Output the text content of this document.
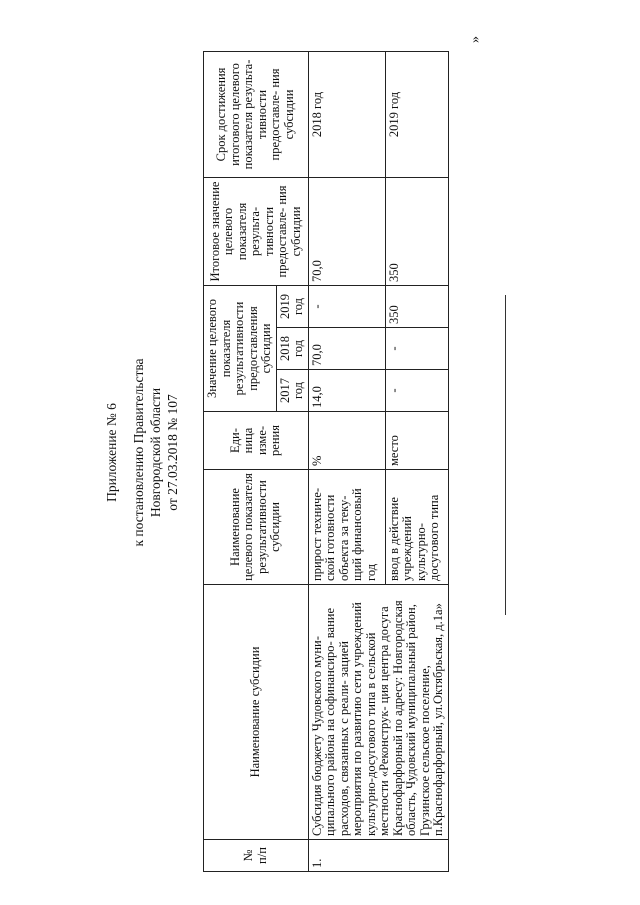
Приложение № 6 к постановлению Правительства Новгородской области от 27.03.2018 № 107
№ п/п	Наименование субсидии	Наименование целевого показателя результативности субсидии	Еди- ница изме- рения	Значение целевого показателя результативности предоставления субсидии			Итоговое значение целевого показателя результа- тивности предоставле- ния субсидии	Срок достижения итогового целевого показателя результа- тивности предоставле- ния субсидии
				2017 год	2018 год	2019 год		
1.	Субсидия бюджету Чудовского муни- ципального района на софинансиро- вание расходов, связанных с реали- зацией мероприятия по развитию сети учреждений культурно-досугового типа в сельской местности «Реконструк- ция центра досуга Краснофарфорный по адресу: Новгородская область, Чудовский муниципальный район, Грузинское сельское поселение, п.Краснофарфорный, ул.Октябрьская, д.1а»	прирост техниче- ской готовности объекта за теку- щий финансовый год	%	14,0	70,0	-	70,0	2018 год
		ввод в действие учреждений культурно- досугового типа	место	-	-	350	350	2019 год
»
